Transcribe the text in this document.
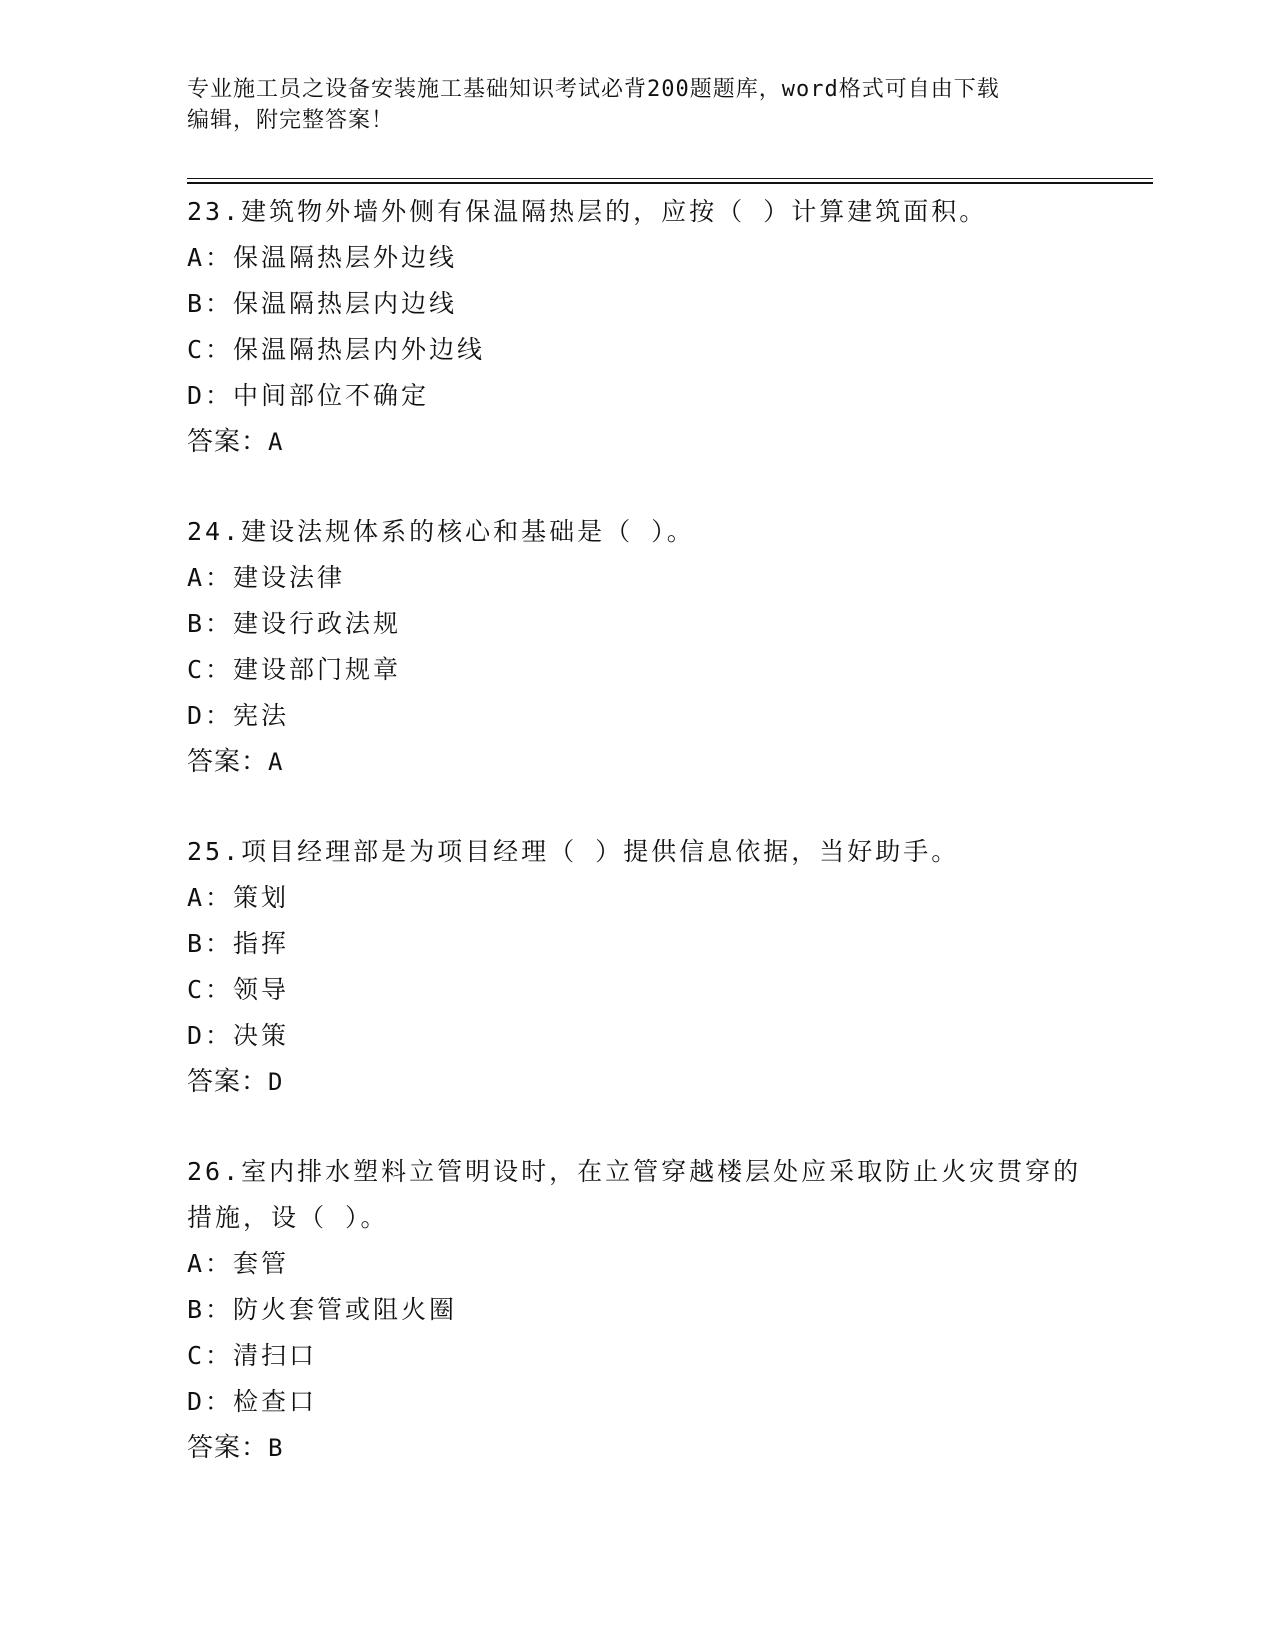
专业施工员之设备安装施工基础知识考试必背200题题库，word格式可自由下载
编辑，附完整答案！

23.建筑物外墙外侧有保温隔热层的，应按（ ）计算建筑面积。

A：保温隔热层外边线

B：保温隔热层内边线

C：保温隔热层内外边线

D：中间部位不确定

答案：A

24.建设法规体系的核心和基础是（ ）。

A：建设法律

B：建设行政法规

C：建设部门规章

D：宪法

答案：A

25.项目经理部是为项目经理（ ）提供信息依据，当好助手。

A：策划

B：指挥

C：领导

D：决策

答案：D

26.室内排水塑料立管明设时，在立管穿越楼层处应采取防止火灾贯穿的措施，设（ ）。

A：套管

B：防火套管或阻火圈

C：清扫口

D：检查口

答案：B
